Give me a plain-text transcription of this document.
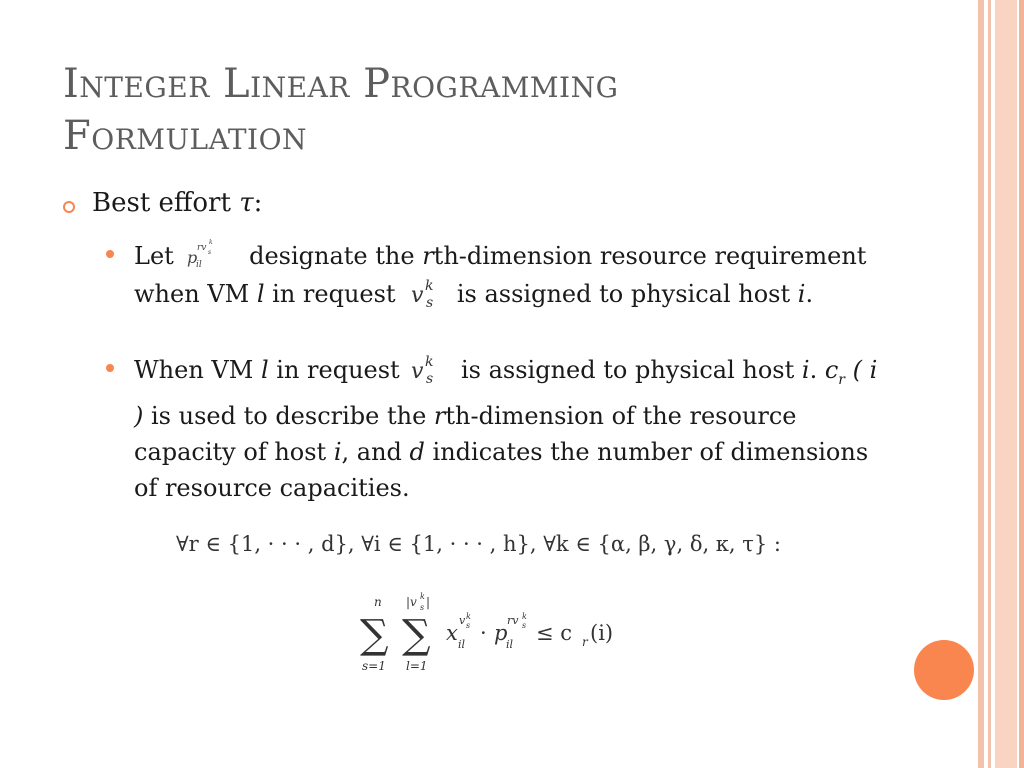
Integer Linear Programming
Formulation
Best effort τ:
Let p
il
rv s
k designate the rth-dimension resource requirement when VM l in request v k
s is assigned to physical host i.
When VM l in request v k
s is assigned to physical host i. $c_r$ ( i ) is used to describe the rth-dimension of the resource capacity of host i, and d indicates the number of dimensions of resource capacities.
∀r ∈ {1, · · · , d}, ∀i ∈ {1, · · · , h}, ∀k ∈ {α, β, γ, δ, κ, τ} :
n
∑
s=1
|v k
s |
∑
l=1
x il
v k
s · p
il
rv k
s ≤ c r (i)
